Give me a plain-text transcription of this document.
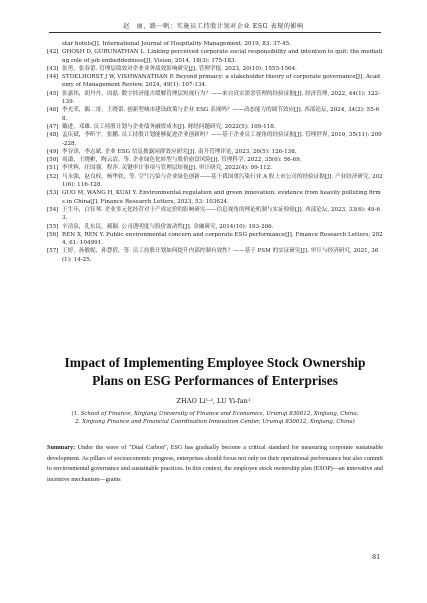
赵　丽，路一帆：实施员工持股计划对企业 ESG 表现的影响
star hotels[J]. International Journal of Hospitality Management, 2019, 83: 37-45.
[42] GHOSH D, GURUNATHAN L. Linking perceived corporate social responsibility and intention to quit: the mediating role of job embeddedness[J]. Vision, 2014, 18(3): 175-183.
[43] 张勇，张春蕾. 管理层绩效对企业业务绩效影响研究[J]. 管理学报, 2023, 20(10): 1555-1564.
[44] STOELHORST J W, VISHWANATHAN P. Beyond primacy: a stakeholder theory of corporate governance[J]. Academy of Management Review, 2024, 49(1): 107-134.
[45] 张嘉伟，胡丹丹，周磊. 数字经济能否缓解管理层短视行为？——来自真实盈余管理的经验证据[J]. 经济管理, 2022, 44(1): 122-139.
[46] 李光荣，偶二哥，王晓蕾. 创新型城市建设政策与企业 ESG 表现吗？——动态能力的调节效应[J]. 西部论坛, 2024, 34(2): 55-68.
[47] 戴进，邓雄. 员工持股计划与企业债务融资成本[J]. 财经问题研究, 2022(5): 109-118.
[48] 孟庆斌，李昕宇，张鹏. 员工持股计划能够促进企业创新吗？——基于企业员工视角的经验证据[J]. 管理世界, 2019, 35(11): 209-228.
[49] 李谷泽，李志斌. 企业 ESG 信息披露同群效应研究[J]. 南开管理评论, 2023, 26(5): 126-138.
[50] 周潇，王晓彬，陶云清，等. 企业绿色化转型与股价崩盘风险[J]. 管理科学, 2022, 35(6): 56-69.
[51] 李世辉，任国强，程萍. 关键审计事项与管理层短视[J]. 审计研究, 2022(4): 99-112.
[52] 马永强，赵良权，杨华钦，等. 空气污染与企业绿色创新——基于我国重污染行业 A 股上市公司的经验证据[J]. 产业经济研究, 2021(6): 116-128.
[53] GUO M, WANG H, KUAI Y. Environmental regulation and green innovation: evidence from heavily polluting firms in China[J]. Finance Research Letters, 2023, 53: 103624.
[54] 王生年，白钰琴. 企业多元化经营对于产成定价的影响研究——信息视角的理论机制与实证检验[J]. 西部论坛, 2023, 33(6): 49-63.
[55] 辛清泉，孔东民，郝颖. 公司透明度与股价波动性[J]. 金融研究, 2014(10): 193-206.
[56] REN X, REN Y. Public environmental concern and corporate ESG performance[J]. Finance Research Letters, 2024, 61: 104991.
[57] 王婷，孙敏妮，孙慧倩，等. 员工持股计划如何提升内部控制有效性？——基于 PSM 的实证研究[J]. 审计与经济研究, 2021, 36(1): 14-25.
Impact of Implementing Employee Stock Ownership
Plans on ESG Performances of Enterprises
ZHAO Li¹·², LU Yi-fan¹
(1. School of Finance, Xinjiang University of Finance and Economics, Urumqi 830012, Xinjiang, China;
2. Xinjiang Finance and Financial Coordination Innovation Center, Urumqi 830012, Xinjiang, China)
Summary: Under the wave of "Dual Carbon", ESG has gradually become a critical standard for measuring corporate sustainable development. As pillars of socioeconomic progress, enterprises should focus not only on their operational performance but also commit to environmental governance and sustainable practices. In this context, the employee stock ownership plan (ESOP)—an innovative and incentive mechanism—grants
81
